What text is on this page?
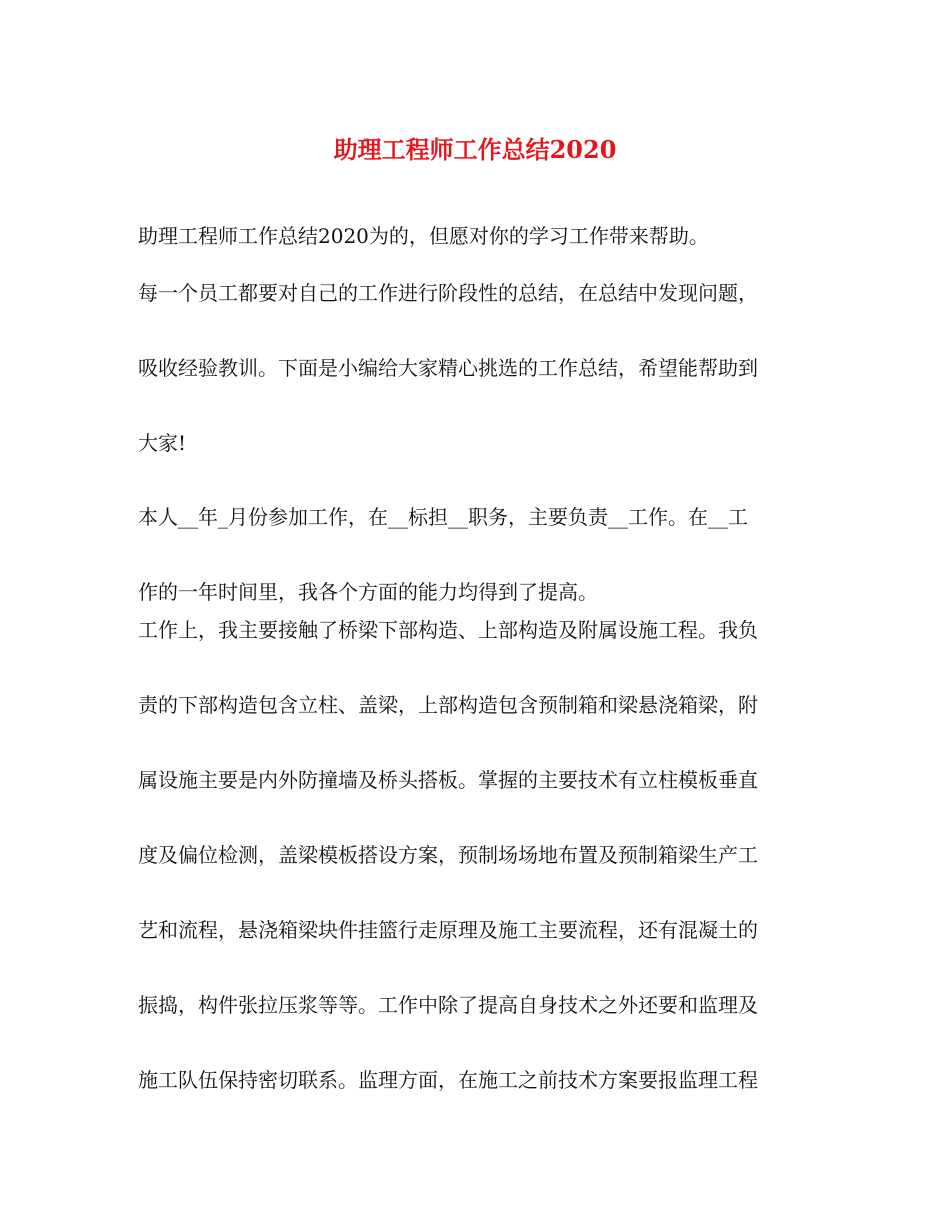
助理工程师工作总结2020

助理工程师工作总结2020为的，但愿对你的学习工作带来帮助。

每一个员工都要对自己的工作进行阶段性的总结，在总结中发现问题，
吸收经验教训。下面是小编给大家精心挑选的工作总结，希望能帮助到
大家!

本人__年_月份参加工作，在__标担__职务，主要负责__工作。在__工
作的一年时间里，我各个方面的能力均得到了提高。

工作上，我主要接触了桥梁下部构造、上部构造及附属设施工程。我负
责的下部构造包含立柱、盖梁，上部构造包含预制箱和梁悬浇箱梁，附
属设施主要是内外防撞墙及桥头搭板。掌握的主要技术有立柱模板垂直
度及偏位检测，盖梁模板搭设方案，预制场场地布置及预制箱梁生产工
艺和流程，悬浇箱梁块件挂篮行走原理及施工主要流程，还有混凝土的
振捣，构件张拉压浆等等。工作中除了提高自身技术之外还要和监理及
施工队伍保持密切联系。监理方面，在施工之前技术方案要报监理工程
